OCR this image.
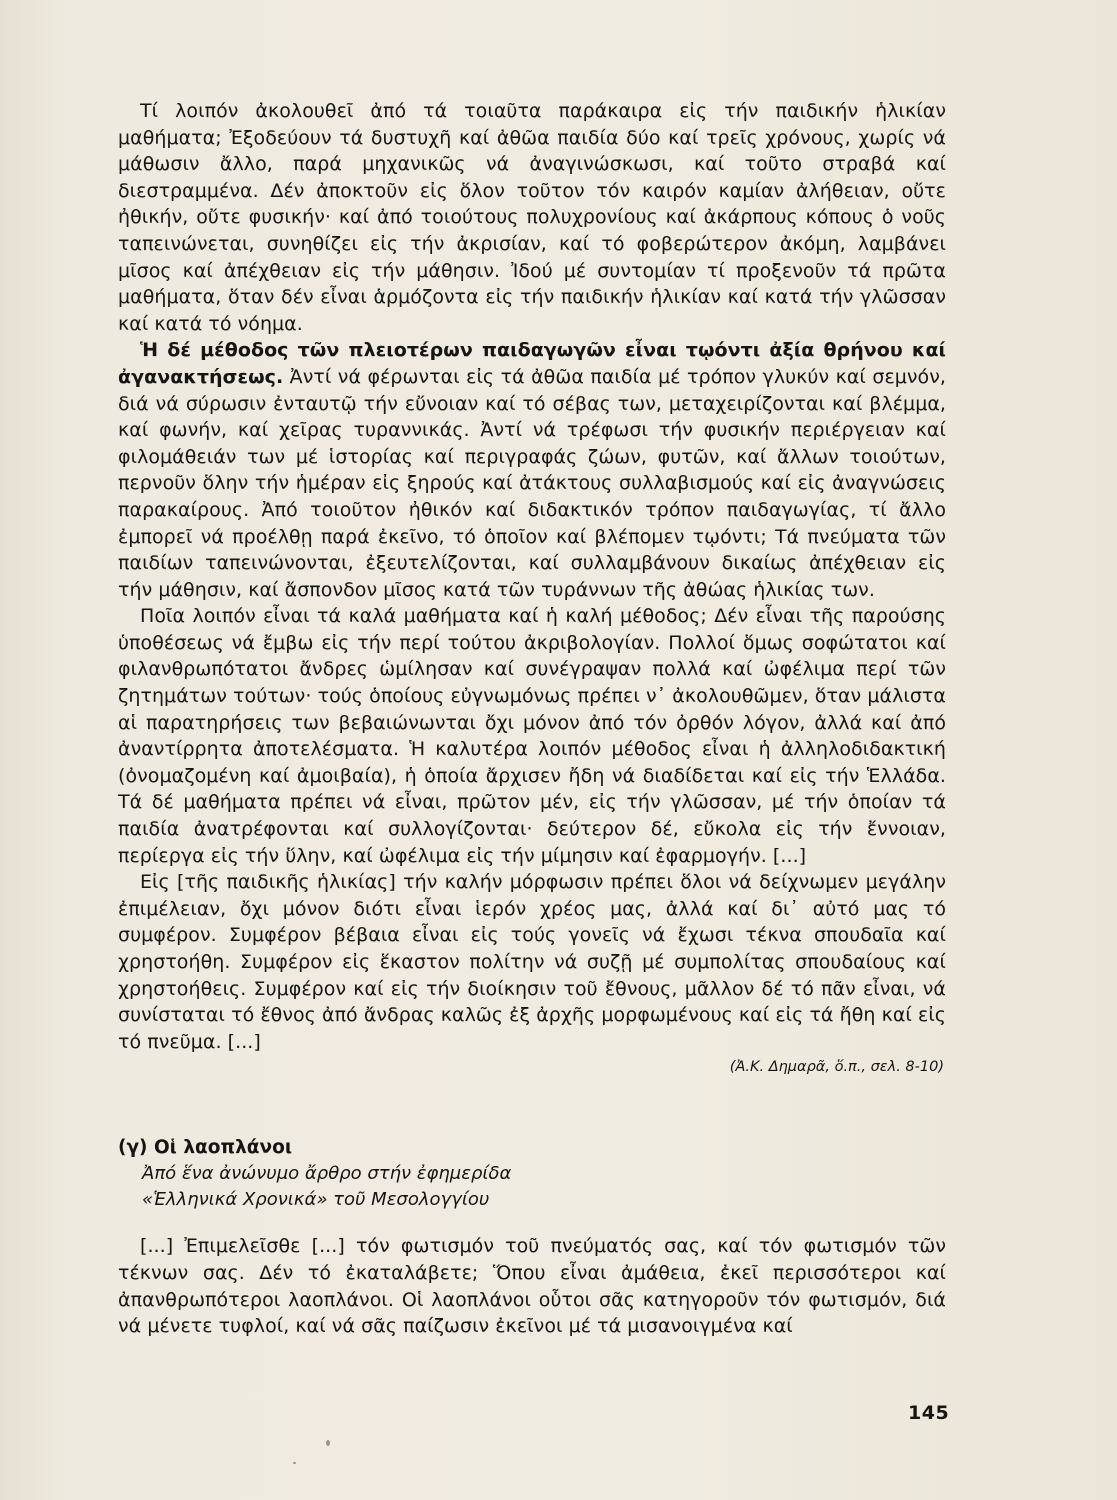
Τί λοιπόν ἀκολουθεῖ ἀπό τά τοιαῦτα παράκαιρα εἰς τήν παιδικήν ἡλικίαν μαθήματα; Ἐξοδεύουν τά δυστυχῆ καί ἀθῶα παιδία δύο καί τρεῖς χρόνους, χωρίς νά μάθωσιν ἄλλο, παρά μηχανικῶς νά ἀναγινώσκωσι, καί τοῦτο στραβά καί διεστραμμένα. Δέν ἀποκτοῦν εἰς ὅλον τοῦτον τόν καιρόν καμίαν ἀλήθειαν, οὔτε ἠθικήν, οὔτε φυσικήν· καί ἀπό τοιούτους πολυχρονίους καί ἀκάρπους κόπους ὁ νοῦς ταπεινώνεται, συνηθίζει εἰς τήν ἀκρισίαν, καί τό φοβερώτερον ἀκόμη, λαμβάνει μῖσος καί ἀπέχθειαν εἰς τήν μάθησιν. Ἰδού μέ συντομίαν τί προξενοῦν τά πρῶτα μαθήματα, ὅταν δέν εἶναι ἁρμόζοντα εἰς τήν παιδικήν ἡλικίαν καί κατά τήν γλῶσσαν καί κατά τό νόημα.

Ἡ δέ μέθοδος τῶν πλειοτέρων παιδαγωγῶν εἶναι τῳόντι ἀξία θρήνου καί ἀγανακτήσεως. Ἀντί νά φέρωνται εἰς τά ἀθῶα παιδία μέ τρόπον γλυκύν καί σεμνόν, διά νά σύρωσιν ἐνταυτῷ τήν εὔνοιαν καί τό σέβας των, μεταχειρίζονται καί βλέμμα, καί φωνήν, καί χεῖρας τυραννικάς. Ἀντί νά τρέφωσι τήν φυσικήν περιέργειαν καί φιλομάθειάν των μέ ἱστορίας καί περιγραφάς ζώων, φυτῶν, καί ἄλλων τοιούτων, περνοῦν ὅλην τήν ἡμέραν εἰς ξηρούς καί ἀτάκτους συλλαβισμούς καί εἰς ἀναγνώσεις παρακαίρους. Ἀπό τοιοῦτον ἠθικόν καί διδακτικόν τρόπον παιδαγωγίας, τί ἄλλο ἐμπορεῖ νά προέλθῃ παρά ἐκεῖνο, τό ὁποῖον καί βλέπομεν τῳόντι; Τά πνεύματα τῶν παιδίων ταπεινώνονται, ἐξευτελίζονται, καί συλλαμβάνουν δικαίως ἀπέχθειαν εἰς τήν μάθησιν, καί ἄσπονδον μῖσος κατά τῶν τυράννων τῆς ἀθώας ἡλικίας των.

Ποῖα λοιπόν εἶναι τά καλά μαθήματα καί ἡ καλή μέθοδος; Δέν εἶναι τῆς παρούσης ὑποθέσεως νά ἔμβω εἰς τήν περί τούτου ἀκριβολογίαν. Πολλοί ὅμως σοφώτατοι καί φιλανθρωπότατοι ἄνδρες ὡμίλησαν καί συνέγραψαν πολλά καί ὠφέλιμα περί τῶν ζητημάτων τούτων· τούς ὁποίους εὐγνωμόνως πρέπει ν᾿ ἀκολουθῶμεν, ὅταν μάλιστα αἱ παρατηρήσεις των βεβαιώνωνται ὄχι μόνον ἀπό τόν ὀρθόν λόγον, ἀλλά καί ἀπό ἀναντίρρητα ἀποτελέσματα. Ἡ καλυτέρα λοιπόν μέθοδος εἶναι ἡ ἀλληλοδιδακτική (ὀνομαζομένη καί ἀμοιβαία), ἡ ὁποία ἄρχισεν ἤδη νά διαδίδεται καί εἰς τήν Ἑλλάδα. Τά δέ μαθήματα πρέπει νά εἶναι, πρῶτον μέν, εἰς τήν γλῶσσαν, μέ τήν ὁποίαν τά παιδία ἀνατρέφονται καί συλλογίζονται· δεύτερον δέ, εὔκολα εἰς τήν ἔννοιαν, περίεργα εἰς τήν ὕλην, καί ὠφέλιμα εἰς τήν μίμησιν καί ἐφαρμογήν. [...]

Εἰς [τῆς παιδικῆς ἡλικίας] τήν καλήν μόρφωσιν πρέπει ὅλοι νά δείχνωμεν μεγάλην ἐπιμέλειαν, ὄχι μόνον διότι εἶναι ἱερόν χρέος μας, ἀλλά καί δι᾿ αὐτό μας τό συμφέρον. Συμφέρον βέβαια εἶναι εἰς τούς γονεῖς νά ἔχωσι τέκνα σπουδαῖα καί χρηστοήθη. Συμφέρον εἰς ἕκαστον πολίτην νά συζῇ μέ συμπολίτας σπουδαίους καί χρηστοήθεις. Συμφέρον καί εἰς τήν διοίκησιν τοῦ ἔθνους, μᾶλλον δέ τό πᾶν εἶναι, νά συνίσταται τό ἔθνος ἀπό ἄνδρας καλῶς ἐξ ἀρχῆς μορφωμένους καί εἰς τά ἤθη καί εἰς τό πνεῦμα. [...]

(Ἀ.Κ. Δημαρᾶ, ὅ.π., σελ. 8-10)

(γ) Οἱ λαοπλάνοι

Ἀπό ἕνα ἀνώνυμο ἄρθρο στήν ἐφημερίδα

«Ἑλληνικά Χρονικά» τοῦ Μεσολογγίου

[...] Ἐπιμελεῖσθε [...] τόν φωτισμόν τοῦ πνεύματός σας, καί τόν φωτισμόν τῶν τέκνων σας. Δέν τό ἐκαταλάβετε; Ὅπου εἶναι ἀμάθεια, ἐκεῖ περισσότεροι καί ἀπανθρωπότεροι λαοπλάνοι. Οἱ λαοπλάνοι οὗτοι σᾶς κατηγοροῦν τόν φωτισμόν, διά νά μένετε τυφλοί, καί νά σᾶς παίζωσιν ἐκεῖνοι μέ τά μισανοιγμένα καί

145
